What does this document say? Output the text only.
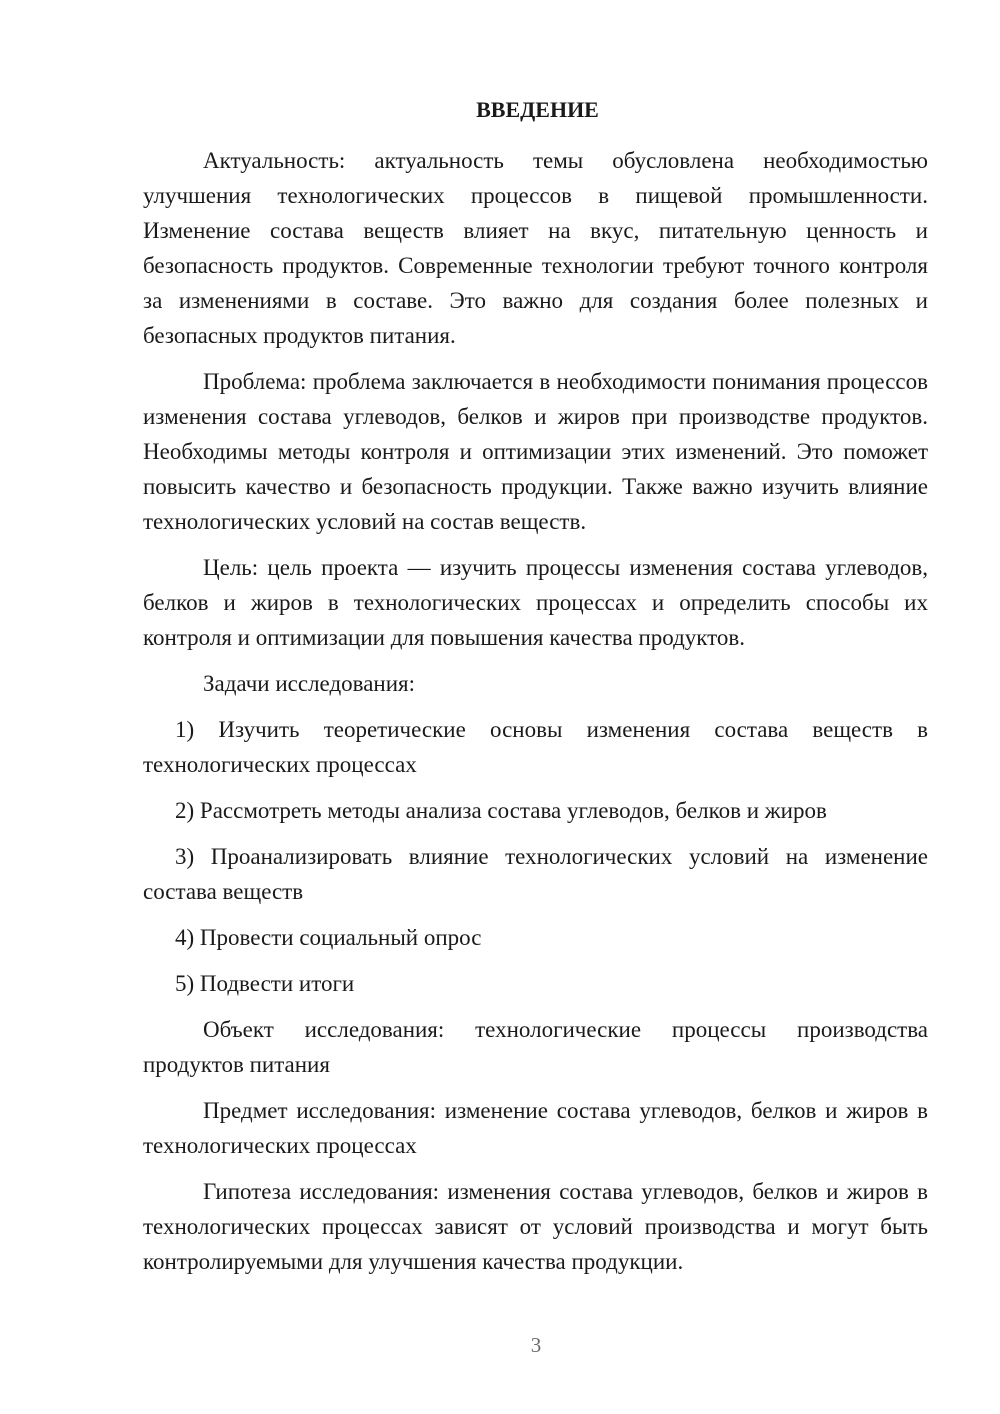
ВВЕДЕНИЕ

Актуальность: актуальность темы обусловлена необходимостью улучшения технологических процессов в пищевой промышленности. Изменение состава веществ влияет на вкус, питательную ценность и безопасность продуктов. Современные технологии требуют точного контроля за изменениями в составе. Это важно для создания более полезных и безопасных продуктов питания.

Проблема: проблема заключается в необходимости понимания процессов изменения состава углеводов, белков и жиров при производстве продуктов. Необходимы методы контроля и оптимизации этих изменений. Это поможет повысить качество и безопасность продукции. Также важно изучить влияние технологических условий на состав веществ.

Цель: цель проекта — изучить процессы изменения состава углеводов, белков и жиров в технологических процессах и определить способы их контроля и оптимизации для повышения качества продуктов.

Задачи исследования:

1) Изучить теоретические основы изменения состава веществ в технологических процессах

2) Рассмотреть методы анализа состава углеводов, белков и жиров

3) Проанализировать влияние технологических условий на изменение состава веществ

4) Провести социальный опрос

5) Подвести итоги

Объект исследования: технологические процессы производства продуктов питания

Предмет исследования: изменение состава углеводов, белков и жиров в технологических процессах

Гипотеза исследования: изменения состава углеводов, белков и жиров в технологических процессах зависят от условий производства и могут быть контролируемыми для улучшения качества продукции.

3
